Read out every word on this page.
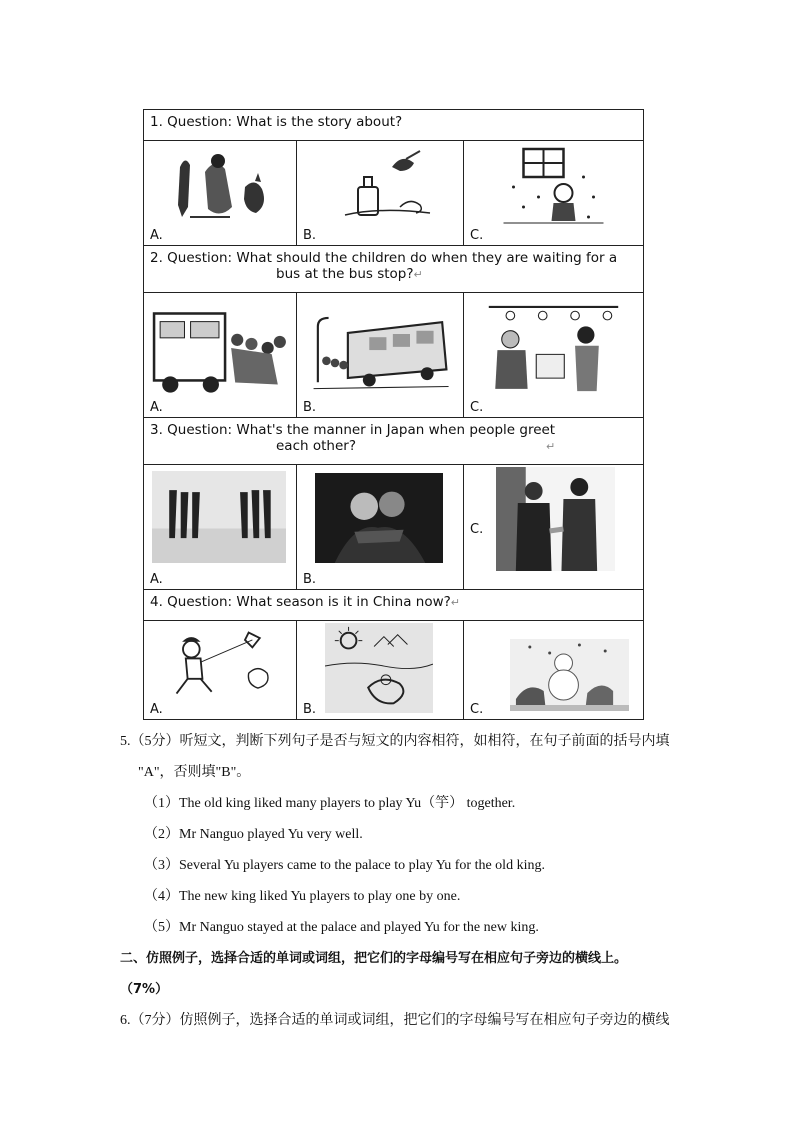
1. Question: What is the story about?		

A.	B.	C.

2. Question: What should the children do when they are waiting for a
bus at the bus stop?↵		

A.	B.	C.

3. Question: What's the manner in Japan when people greet
each other? ↵		

A.	B.	C.

4. Question: What season is it in China now?↵		

A.	B.	C.
5.（5分）听短文，判断下列句子是否与短文的内容相符，如相符，在句子前面的括号内填
"A"，否则填"B"。
（1）The old king liked many players to play Yu（竽） together.
（2）Mr Nanguo played Yu very well.
（3）Several Yu players came to the palace to play Yu for the old king.
（4）The new king liked Yu players to play one by one.
（5）Mr Nanguo stayed at the palace and played Yu for the new king.
二、仿照例子，选择合适的单词或词组，把它们的字母编号写在相应句子旁边的横线上。
（7%）
6.（7分）仿照例子，选择合适的单词或词组，把它们的字母编号写在相应句子旁边的横线
